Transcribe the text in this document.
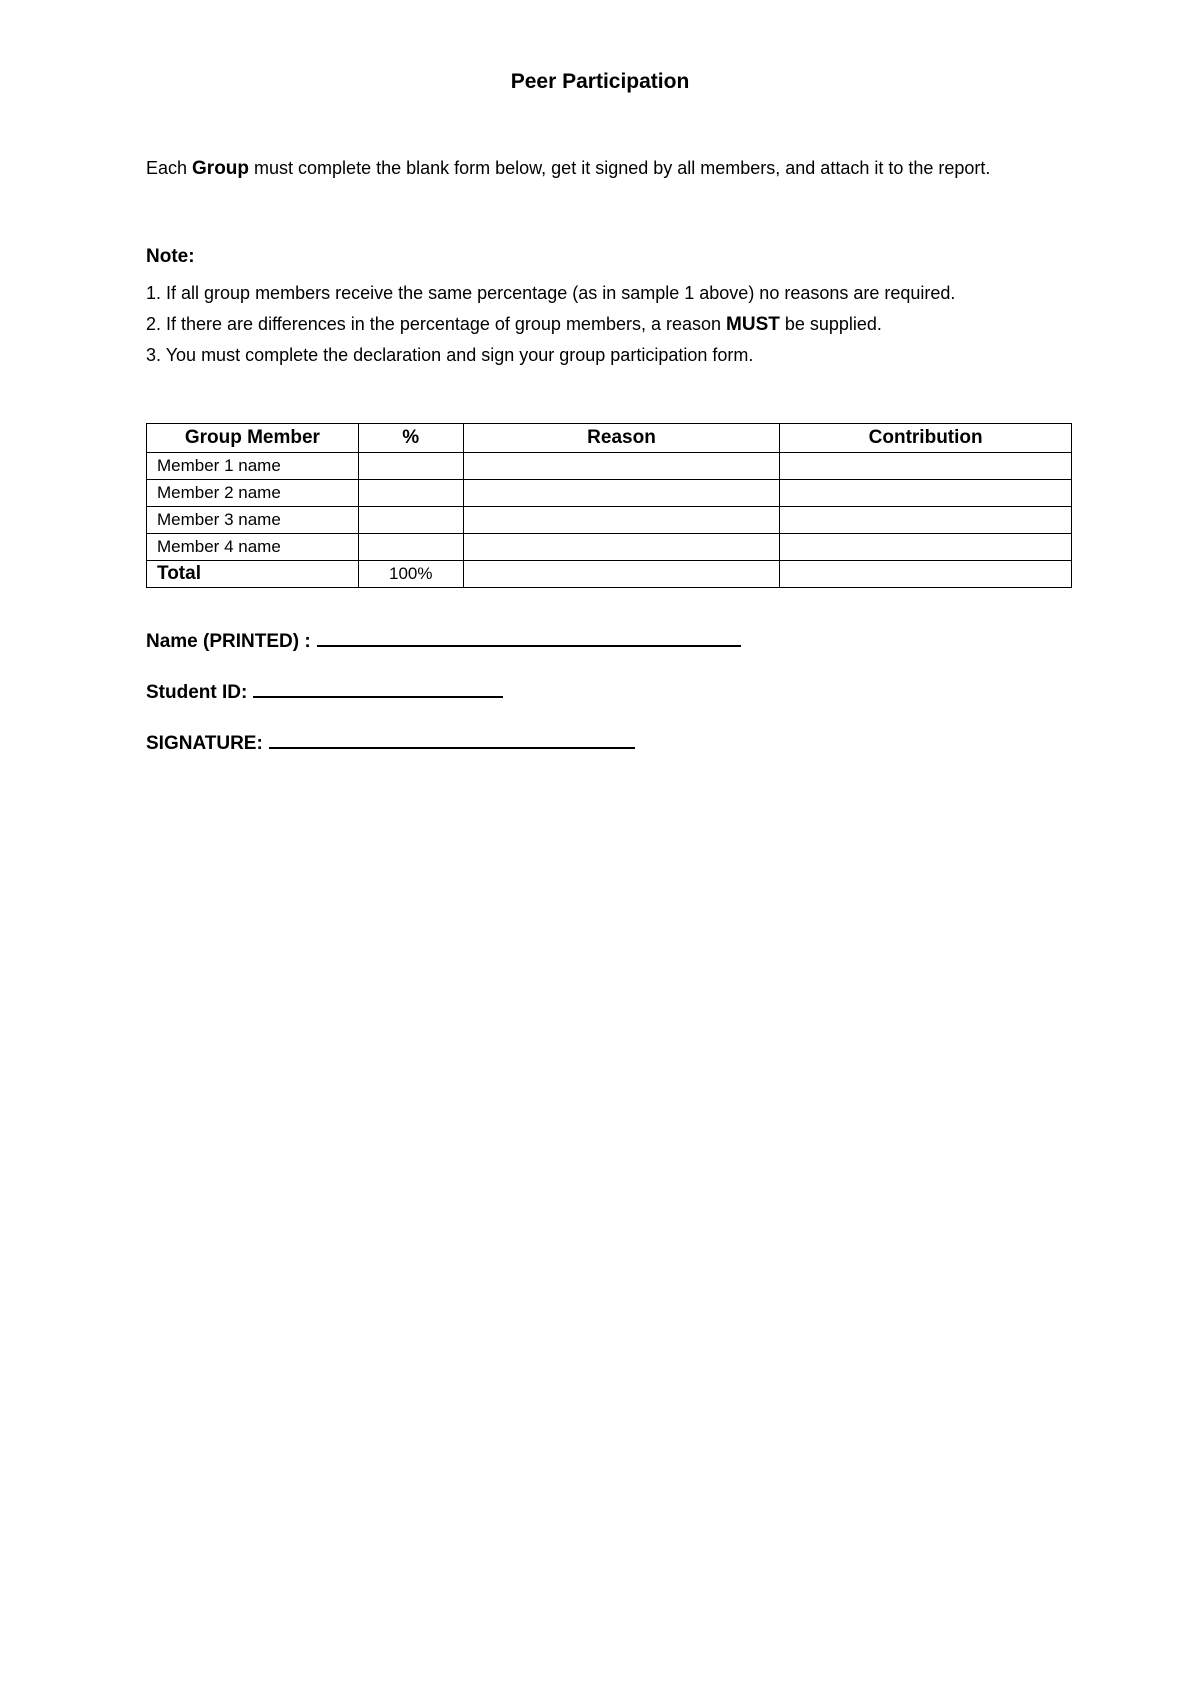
Peer Participation
Each Group must complete the blank form below, get it signed by all members, and attach it to the report.
Note:
1. If all group members receive the same percentage (as in sample 1 above) no reasons are required.
2. If there are differences in the percentage of group members, a reason MUST be supplied.
3. You must complete the declaration and sign your group participation form.
Group Member	%	Reason	Contribution
Member 1 name			
Member 2 name			
Member 3 name			
Member 4 name			
Total	100%		
Name (PRINTED) :
Student ID:
SIGNATURE:
